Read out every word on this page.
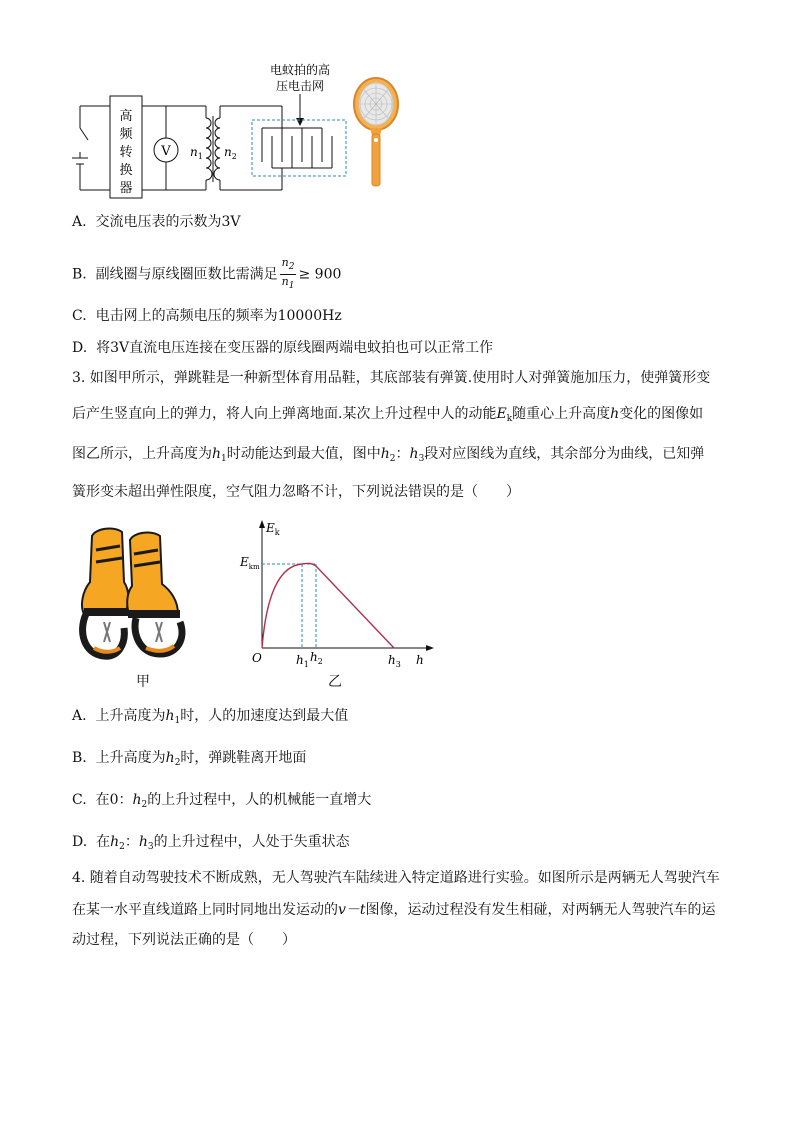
V
高
频
转
换
器
$n_1$ $n_2$
电蚊拍的高
压电击网
A. 交流电压表的示数为3V
B. 副线圈与原线圈匝数比需满足 $\frac{n_2}{n_1} \ge 900$
C. 电击网上的高频电压的频率为10000Hz
D. 将3V直流电压连接在变压器的原线圈两端电蚊拍也可以正常工作
3. 如图甲所示，弹跳鞋是一种新型体育用品鞋，其底部装有弹簧.使用时人对弹簧施加压力，使弹簧形变
后产生竖直向上的弹力，将人向上弹离地面.某次上升过程中人的动能$E_k$随重心上升高度h变化的图像如
图乙所示，上升高度为$h_1$时动能达到最大值，图中$h_2$：$h_3$段对应图线为直线，其余部分为曲线，已知弹
簧形变未超出弹性限度，空气阻力忽略不计，下列说法错误的是（　　）
$E_k$
$E_{km}$
O	$h_1$
$h_2$	$h_3$ h
甲	乙
A. 上升高度为$h_1$时，人的加速度达到最大值
B. 上升高度为$h_2$时，弹跳鞋离开地面
C. 在0：$h_2$的上升过程中，人的机械能一直增大
D. 在$h_2$：$h_3$的上升过程中，人处于失重状态
4. 随着自动驾驶技术不断成熟，无人驾驶汽车陆续进入特定道路进行实验。如图所示是两辆无人驾驶汽车
在某一水平直线道路上同时同地出发运动的v－t图像，运动过程没有发生相碰，对两辆无人驾驶汽车的运
动过程，下列说法正确的是（　　）
